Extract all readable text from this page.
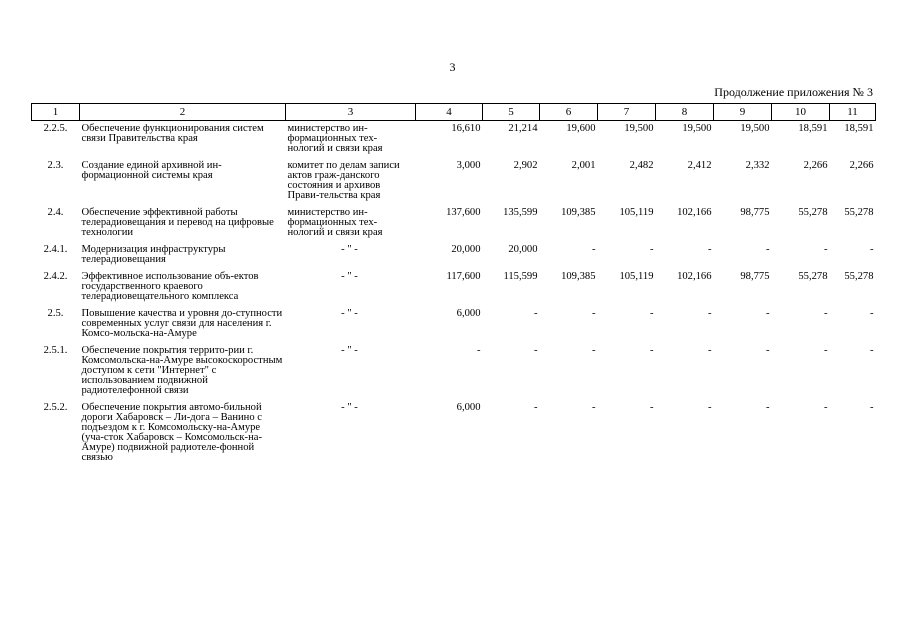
3
Продолжение приложения № 3
1	2	3	4	5	6	7	8	9	10	11
2.2.5.	Обеспечение функционирования систем связи Правительства края	министерство ин-формационных тех-нологий и связи края	16,610	21,214	19,600	19,500	19,500	19,500	18,591	18,591
2.3.	Создание единой архивной ин-формационной системы края	комитет по делам записи актов граж-данского состояния и архивов Прави-тельства края	3,000	2,902	2,001	2,482	2,412	2,332	2,266	2,266
2.4.	Обеспечение эффективной работы телерадиовещания и перевод на цифровые технологии	министерство ин-формационных тех-нологий и связи края	137,600	135,599	109,385	105,119	102,166	98,775	55,278	55,278
2.4.1.	Модернизация инфраструктуры телерадиовещания	- " -	20,000	20,000	-	-	-	-	-	-
2.4.2.	Эффективное использование объ-ектов государственного краевого телерадиовещательного комплекса	- " -	117,600	115,599	109,385	105,119	102,166	98,775	55,278	55,278
2.5.	Повышение качества и уровня до-ступности современных услуг связи для населения г. Комсо-мольска-на-Амуре	- " -	6,000	-	-	-	-	-	-	-
2.5.1.	Обеспечение покрытия террито-рии г. Комсомольска-на-Амуре высокоскоростным доступом к сети "Интернет" с использованием подвижной радиотелефонной связи	- " -	-	-	-	-	-	-	-	-
2.5.2.	Обеспечение покрытия автомо-бильной дороги Хабаровск – Ли-дога – Ванино с подъездом к г. Комсомольску-на-Амуре (уча-сток Хабаровск – Комсомольск-на-Амуре) подвижной радиотеле-фонной связью	- " -	6,000	-	-	-	-	-	-	-
